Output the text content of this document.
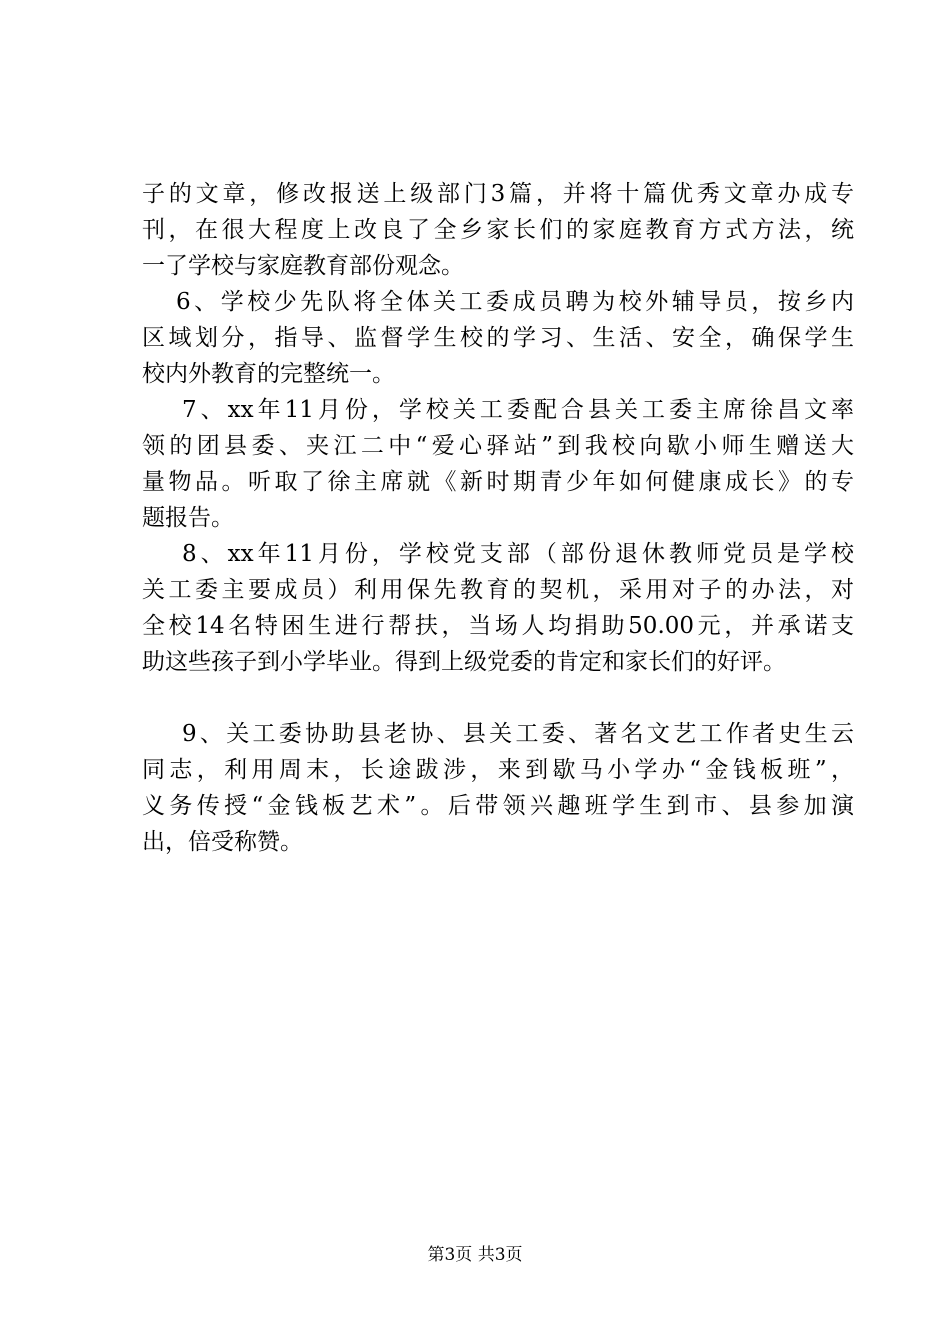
子的文章，修改报送上级部门3篇，并将十篇优秀文章办成专
刊，在很大程度上改良了全乡家长们的家庭教育方式方法，统
一了学校与家庭教育部份观念。
6、学校少先队将全体关工委成员聘为校外辅导员，按乡内
区域划分，指导、监督学生校的学习、生活、安全，确保学生
校内外教育的完整统一。
7、xx年11月份，学校关工委配合县关工委主席徐昌文率
领的团县委、夹江二中“爱心驿站”到我校向歇小师生赠送大
量物品。听取了徐主席就《新时期青少年如何健康成长》的专
题报告。
8、xx年11月份，学校党支部（部份退休教师党员是学校
关工委主要成员）利用保先教育的契机，采用对子的办法，对
全校14名特困生进行帮扶，当场人均捐助50.00元，并承诺支
助这些孩子到小学毕业。得到上级党委的肯定和家长们的好评。
9、关工委协助县老协、县关工委、著名文艺工作者史生云
同志，利用周末，长途跋涉，来到歇马小学办“金钱板班”，
义务传授“金钱板艺术”。后带领兴趣班学生到市、县参加演
出，倍受称赞。
第3页 共3页
